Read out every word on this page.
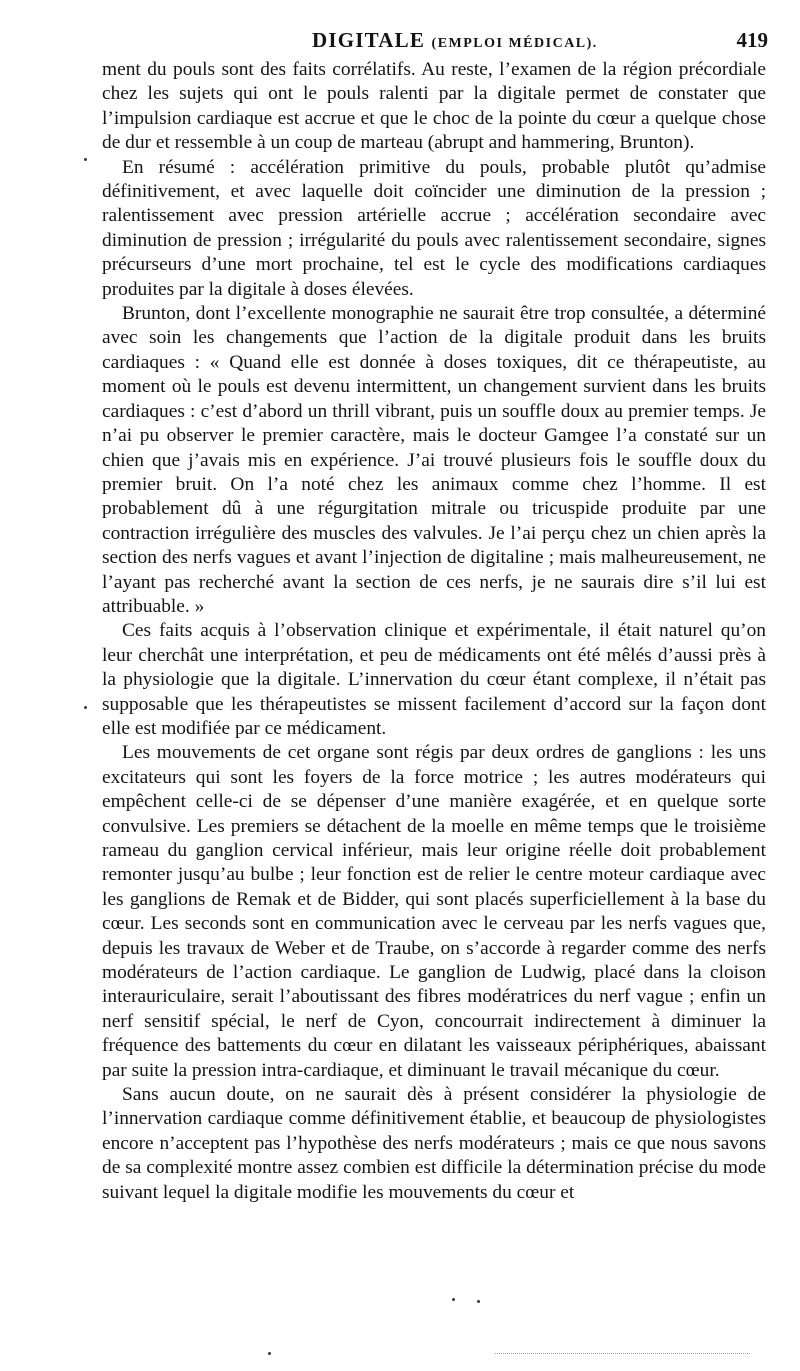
DIGITALE (EMPLOI MÉDICAL).	419

ment du pouls sont des faits corrélatifs. Au reste, l’examen de la région précordiale chez les sujets qui ont le pouls ralenti par la digitale permet de constater que l’impulsion cardiaque est accrue et que le choc de la pointe du cœur a quelque chose de dur et ressemble à un coup de marteau (abrupt and hammering, Brunton).

En résumé : accélération primitive du pouls, probable plutôt qu’admise définitivement, et avec laquelle doit coïncider une diminution de la pression ; ralentissement avec pression artérielle accrue ; accélération secondaire avec diminution de pression ; irrégularité du pouls avec ralentissement secondaire, signes précurseurs d’une mort prochaine, tel est le cycle des modifications cardiaques produites par la digitale à doses élevées.

Brunton, dont l’excellente monographie ne saurait être trop consultée, a déterminé avec soin les changements que l’action de la digitale produit dans les bruits cardiaques : « Quand elle est donnée à doses toxiques, dit ce thérapeutiste, au moment où le pouls est devenu intermittent, un changement survient dans les bruits cardiaques : c’est d’abord un thrill vibrant, puis un souffle doux au premier temps. Je n’ai pu observer le premier caractère, mais le docteur Gamgee l’a constaté sur un chien que j’avais mis en expérience. J’ai trouvé plusieurs fois le souffle doux du premier bruit. On l’a noté chez les animaux comme chez l’homme. Il est probablement dû à une régurgitation mitrale ou tricuspide produite par une contraction irrégulière des muscles des valvules. Je l’ai perçu chez un chien après la section des nerfs vagues et avant l’injection de digitaline ; mais malheureusement, ne l’ayant pas recherché avant la section de ces nerfs, je ne saurais dire s’il lui est attribuable. »

Ces faits acquis à l’observation clinique et expérimentale, il était naturel qu’on leur cherchât une interprétation, et peu de médicaments ont été mêlés d’aussi près à la physiologie que la digitale. L’innervation du cœur étant complexe, il n’était pas supposable que les thérapeutistes se missent facilement d’accord sur la façon dont elle est modifiée par ce médicament.

Les mouvements de cet organe sont régis par deux ordres de ganglions : les uns excitateurs qui sont les foyers de la force motrice ; les autres modérateurs qui empêchent celle-ci de se dépenser d’une manière exagérée, et en quelque sorte convulsive. Les premiers se détachent de la moelle en même temps que le troisième rameau du ganglion cervical inférieur, mais leur origine réelle doit probablement remonter jusqu’au bulbe ; leur fonction est de relier le centre moteur cardiaque avec les ganglions de Remak et de Bidder, qui sont placés superficiellement à la base du cœur. Les seconds sont en communication avec le cerveau par les nerfs vagues que, depuis les travaux de Weber et de Traube, on s’accorde à regarder comme des nerfs modérateurs de l’action cardiaque. Le ganglion de Ludwig, placé dans la cloison interauriculaire, serait l’aboutissant des fibres modératrices du nerf vague ; enfin un nerf sensitif spécial, le nerf de Cyon, concourrait indirectement à diminuer la fréquence des battements du cœur en dilatant les vaisseaux périphériques, abaissant par suite la pression intra-cardiaque, et diminuant le travail mécanique du cœur.

Sans aucun doute, on ne saurait dès à présent considérer la physiologie de l’innervation cardiaque comme définitivement établie, et beaucoup de physiologistes encore n’acceptent pas l’hypothèse des nerfs modérateurs ; mais ce que nous savons de sa complexité montre assez combien est difficile la détermination précise du mode suivant lequel la digitale modifie les mouvements du cœur et
